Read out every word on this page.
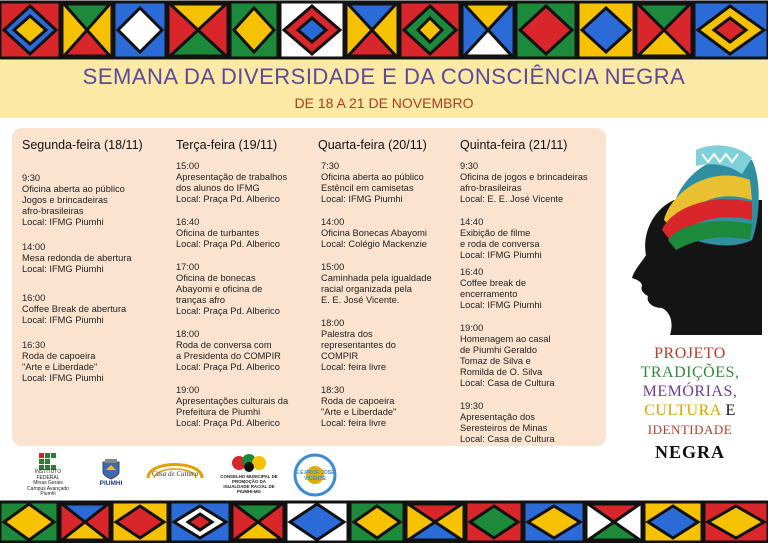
SEMANA DA DIVERSIDADE E DA CONSCIÊNCIA NEGRA
DE 18 A 21 DE NOVEMBRO
Segunda-feira (18/11)
9:30
Oficina aberta ao público
Jogos e brincadeiras
afro-brasileiras
Local: IFMG Piumhi
14:00
Mesa redonda de abertura
Local: IFMG Piumhi
16:00
Coffee Break de abertura
Local: IFMG Piumhi
16:30
Roda de capoeira
"Arte e Liberdade"
Local: IFMG Piumhi
Terça-feira (19/11)
15:00
Apresentação de trabalhos
dos alunos do IFMG
Local: Praça Pd. Alberico
16:40
Oficina de turbantes
Local: Praça Pd. Alberico
17:00
Oficina de bonecas
Abayomi e oficina de
tranças afro
Local: Praça Pd. Alberico
18:00
Roda de conversa com
a Presidenta do COMPIR
Local: Praça Pd. Alberico
19:00
Apresentações culturais da
Prefeitura de Piumhi
Local: Praça Pd. Alberico
Quarta-feira (20/11)
7:30
Oficina aberta ao público
Estêncil em camisetas
Local: IFMG Piumhi
14:00
Oficina Bonecas Abayomi
Local: Colégio Mackenzie
15:00
Caminhada pela igualdade
racial organizada pela
E. E. José Vicente.
18:00
Palestra dos
representantes do
COMPIR
Local: feira livre
18:30
Roda de capoeira
"Arte e Liberdade"
Local: feira livre
Quinta-feira (21/11)
9:30
Oficina de jogos e brincadeiras
afro-brasileiras
Local: E. E. José Vicente
14:40
Exibição de filme
e roda de conversa
Local: IFMG Piumhi
16:40
Coffee break de
encerramento
Local: IFMG Piumhi
19:00
Homenagem ao casal
de Piumhi Geraldo
Tomaz de Silva e
Romilda de O. Silva
Local: Casa de Cultura
19:30
Apresentação dos
Seresteiros de Minas
Local: Casa de Cultura
PROJETO
TRADIÇÕES,
MEMÓRIAS,
CULTURA E
IDENTIDADE
NEGRA
INSTITUTO
FEDERAL
Minas Gerais
Campus Avançado
Piumhi
PIUMHI
Casa de Cultura	CONSELHO MUNICIPAL DE
PROMOÇÃO DA
IGUALDADE RACIAL DE
PIUMHI-MG
E.E.PROF. JOSÉ VICENTE
